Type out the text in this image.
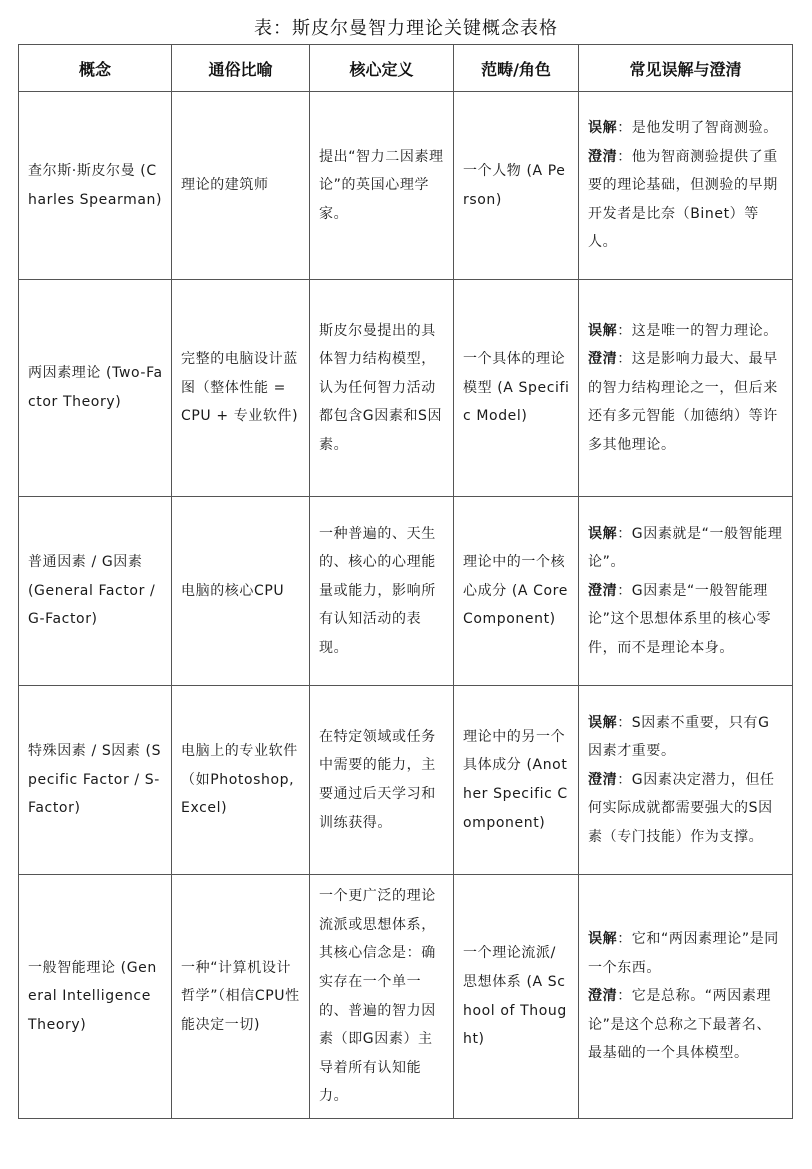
表：斯皮尔曼智力理论关键概念表格
概念	通俗比喻	核心定义	范畴/角色	常见误解与澄清
查尔斯·斯皮尔曼 (Charles Spearman)	理论的建筑师	提出“智力二因素理论”的英国心理学家。	一个人物 (A Person)	误解：是他发明了智商测验。
澄清：他为智商测验提供了重要的理论基础，但测验的早期开发者是比奈（Binet）等人。

两因素理论 (Two-Factor Theory)	完整的电脑设计蓝图（整体性能 = CPU + 专业软件)	斯皮尔曼提出的具体智力结构模型，认为任何智力活动都包含G因素和S因素。	一个具体的理论模型 (A Specific Model)	误解：这是唯一的智力理论。
澄清：这是影响力最大、最早的智力结构理论之一，但后来还有多元智能（加德纳）等许多其他理论。

普通因素 / G因素 (General Factor / G-Factor)	电脑的核心CPU	一种普遍的、天生的、核心的心理能量或能力，影响所有认知活动的表现。	理论中的一个核心成分 (A Core Component)	误解：G因素就是“一般智能理论”。
澄清：G因素是“一般智能理论”这个思想体系里的核心零件，而不是理论本身。

特殊因素 / S因素 (Specific Factor / S-Factor)	电脑上的专业软件（如Photoshop, Excel)	在特定领域或任务中需要的能力，主要通过后天学习和训练获得。	理论中的另一个具体成分 (Another Specific Component)	误解：S因素不重要，只有G因素才重要。
澄清：G因素决定潜力，但任何实际成就都需要强大的S因素（专门技能）作为支撑。

一般智能理论 (General Intelligence Theory)	一种“计算机设计哲学”（相信CPU性能决定一切)	一个更广泛的理论流派或思想体系，其核心信念是：确实存在一个单一的、普遍的智力因素（即G因素）主导着所有认知能力。	一个理论流派/思想体系 (A School of Thought)	误解：它和“两因素理论”是同一个东西。
澄清：它是总称。“两因素理论”是这个总称之下最著名、最基础的一个具体模型。
